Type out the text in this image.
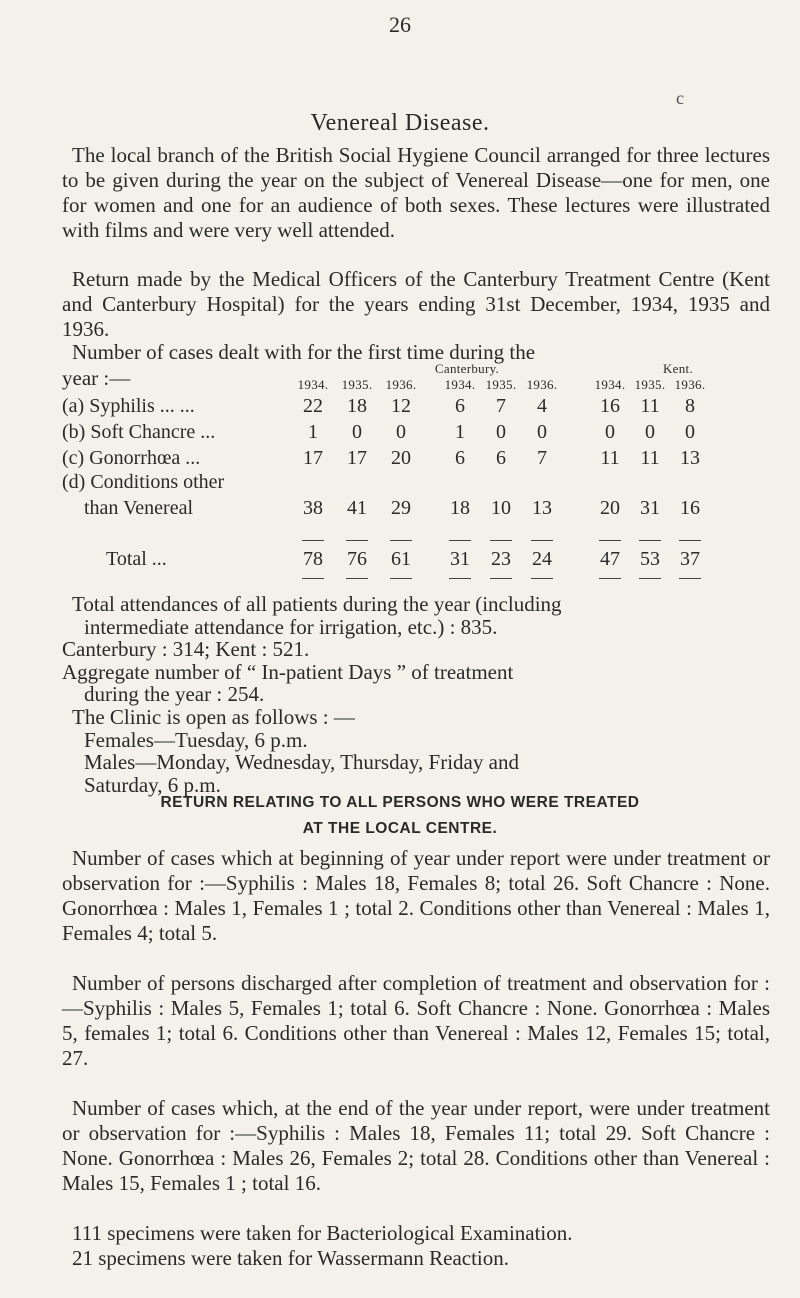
26
c
Venereal Disease.

The local branch of the British Social Hygiene Council arranged for three lectures to be given during the year on the subject of Venereal Disease—one for men, one for women and one for an audience of both sexes. These lectures were illustrated with films and were very well attended.

Return made by the Medical Officers of the Canterbury Treatment Centre (Kent and Canterbury Hospital) for the years ending 31st December, 1934, 1935 and 1936.

Number of cases dealt with for the first time during the
year :—	Canterbury.	Kent.
1934.	1935.	1936.	1934. 1935. 1936.	1934. 1935. 1936.
(a) Syphilis ... ...	22	18	12	6	7	4	16	11	8
(b) Soft Chancre ...	1	0	0	1	0	0	0	0	0
(c) Gonorrhœa ...	17	17	20	6	6	7	11	11	13
(d) Conditions other
than Venereal	38	41	29	18	10	13	20	31	16
Total ...	78	76	61	31	23	24	47	53	37
Total attendances of all patients during the year (including
intermediate attendance for irrigation, etc.) : 835.
Canterbury : 314; Kent : 521.
Aggregate number of “ In-patient Days ” of treatment
during the year : 254.
The Clinic is open as follows : —
Females—Tuesday, 6 p.m.
Males—Monday, Wednesday, Thursday, Friday and
Saturday, 6 p.m.
RETURN RELATING TO ALL PERSONS WHO WERE TREATED
AT THE LOCAL CENTRE.

Number of cases which at beginning of year under report were under treatment or observation for :—Syphilis : Males 18, Females 8; total 26. Soft Chancre : None. Gonorrhœa : Males 1, Females 1 ; total 2. Conditions other than Venereal : Males 1, Females 4; total 5.

Number of persons discharged after completion of treatment and observation for :—Syphilis : Males 5, Females 1; total 6. Soft Chancre : None. Gonorrhœa : Males 5, females 1; total 6. Conditions other than Venereal : Males 12, Females 15; total, 27.

Number of cases which, at the end of the year under report, were under treatment or observation for :—Syphilis : Males 18, Females 11; total 29. Soft Chancre : None. Gonorrhœa : Males 26, Females 2; total 28. Conditions other than Venereal : Males 15, Females 1 ; total 16.

111 specimens were taken for Bacteriological Examination.
21 specimens were taken for Wassermann Reaction.
